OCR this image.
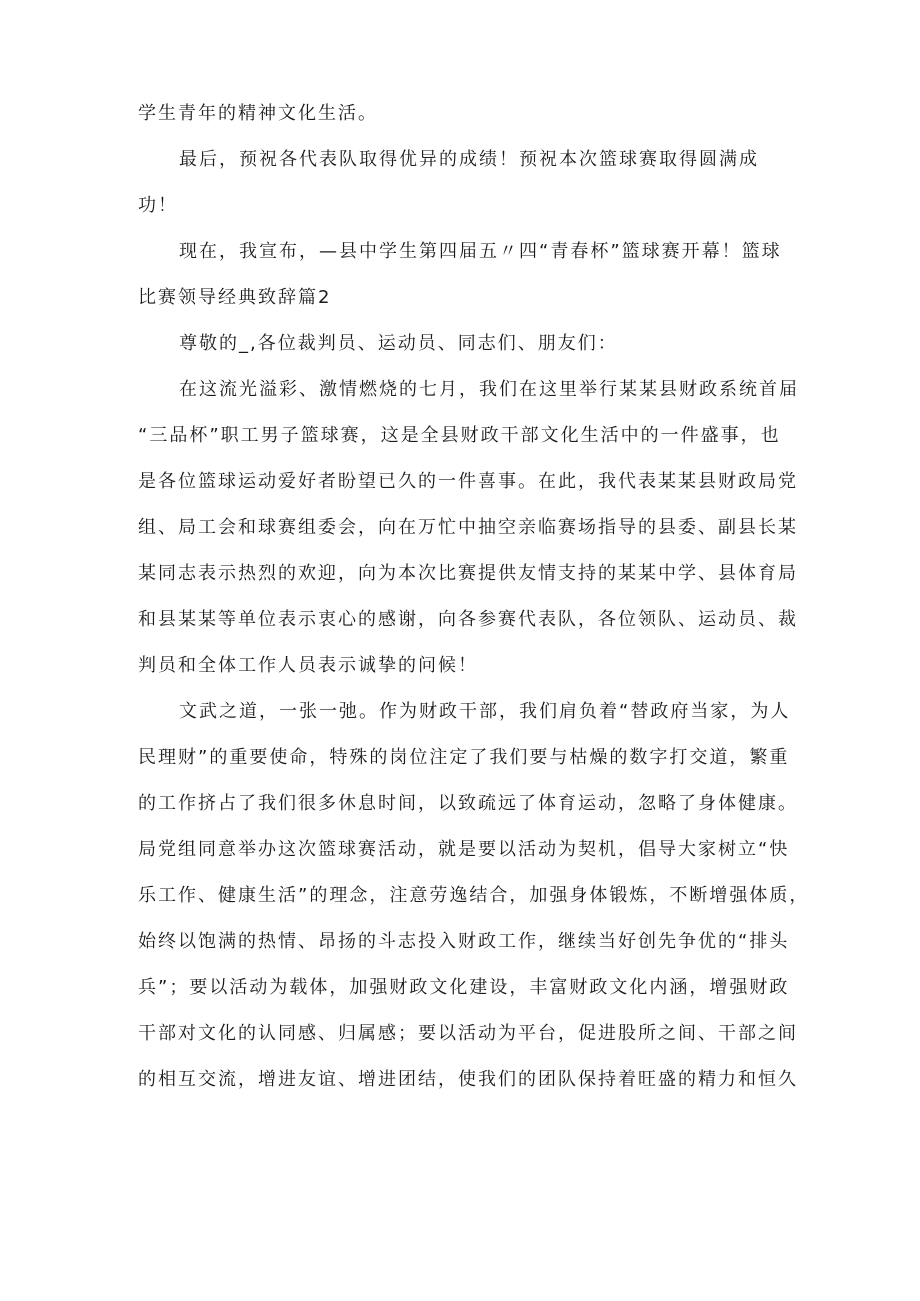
学生青年的精神文化生活。
最后，预祝各代表队取得优异的成绩！预祝本次篮球赛取得圆满成
功！
现在，我宣布，—县中学生第四届五〃四“青春杯”篮球赛开幕！篮球
比赛领导经典致辞篇2
尊敬的_,各位裁判员、运动员、同志们、朋友们：
在这流光溢彩、激情燃烧的七月，我们在这里举行某某县财政系统首届
“三品杯”职工男子篮球赛，这是全县财政干部文化生活中的一件盛事，也
是各位篮球运动爱好者盼望已久的一件喜事。在此，我代表某某县财政局党
组、局工会和球赛组委会，向在万忙中抽空亲临赛场指导的县委、副县长某
某同志表示热烈的欢迎，向为本次比赛提供友情支持的某某中学、县体育局
和县某某等单位表示衷心的感谢，向各参赛代表队，各位领队、运动员、裁
判员和全体工作人员表示诚挚的问候！
文武之道，一张一弛。作为财政干部，我们肩负着“替政府当家，为人
民理财”的重要使命，特殊的岗位注定了我们要与枯燥的数字打交道，繁重
的工作挤占了我们很多休息时间，以致疏远了体育运动，忽略了身体健康。
局党组同意举办这次篮球赛活动，就是要以活动为契机，倡导大家树立“快
乐工作、健康生活”的理念，注意劳逸结合，加强身体锻炼，不断增强体质，
始终以饱满的热情、昂扬的斗志投入财政工作，继续当好创先争优的“排头
兵”；要以活动为载体，加强财政文化建设，丰富财政文化内涵，增强财政
干部对文化的认同感、归属感；要以活动为平台，促进股所之间、干部之间
的相互交流，增进友谊、增进团结，使我们的团队保持着旺盛的精力和恒久
